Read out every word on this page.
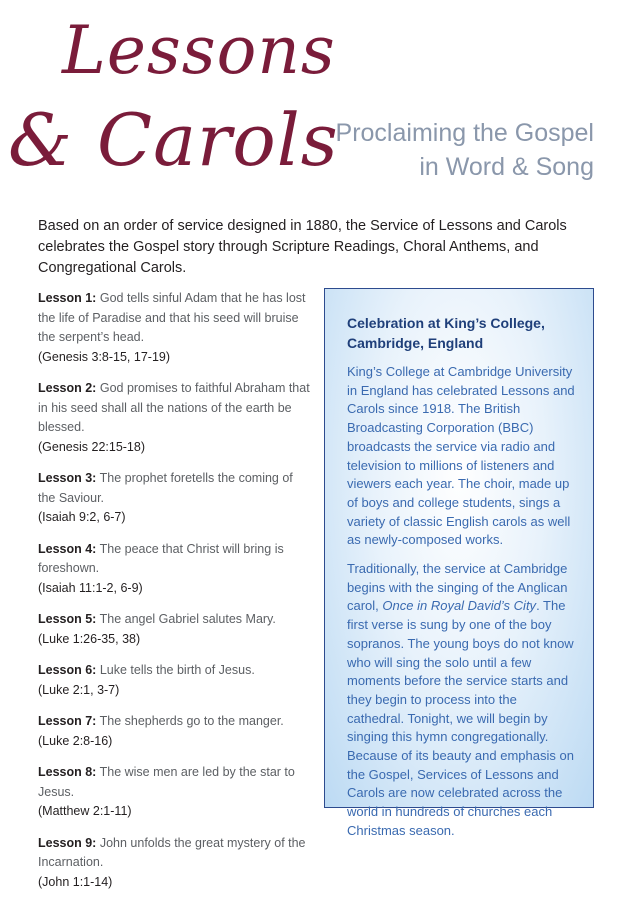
Lessons
& Carols
Proclaiming the Gospel
in Word & Song

Based on an order of service designed in 1880, the Service of Lessons and Carols celebrates the Gospel story through Scripture Readings, Choral Anthems, and Congregational Carols.

Lesson 1: God tells sinful Adam that he has lost the life of Paradise and that his seed will bruise the serpent’s head.

(Genesis 3:8-15, 17-19)

Lesson 2: God promises to faithful Abraham that in his seed shall all the nations of the earth be blessed.

(Genesis 22:15-18)

Lesson 3: The prophet foretells the coming of the Saviour.

(Isaiah 9:2, 6-7)

Lesson 4: The peace that Christ will bring is foreshown.

(Isaiah 11:1-2, 6-9)

Lesson 5: The angel Gabriel salutes Mary.

(Luke 1:26-35, 38)

Lesson 6: Luke tells the birth of Jesus.

(Luke 2:1, 3-7)

Lesson 7: The shepherds go to the manger.

(Luke 2:8-16)

Lesson 8: The wise men are led by the star to Jesus.

(Matthew 2:1-11)

Lesson 9: John unfolds the great mystery of the Incarnation.

(John 1:1-14)

Celebration at King’s College, Cambridge, England

King’s College at Cambridge University in England has celebrated Lessons and Carols since 1918. The British Broadcasting Corporation (BBC) broadcasts the service via radio and television to millions of listeners and viewers each year. The choir, made up of boys and college students, sings a variety of classic English carols as well as newly-composed works.

Traditionally, the service at Cambridge begins with the singing of the Anglican carol, Once in Royal David’s City. The first verse is sung by one of the boy sopranos. The young boys do not know who will sing the solo until a few moments before the service starts and they begin to process into the cathedral. Tonight, we will begin by singing this hymn congregationally. Because of its beauty and emphasis on the Gospel, Services of Lessons and Carols are now celebrated across the world in hundreds of churches each Christmas season.
